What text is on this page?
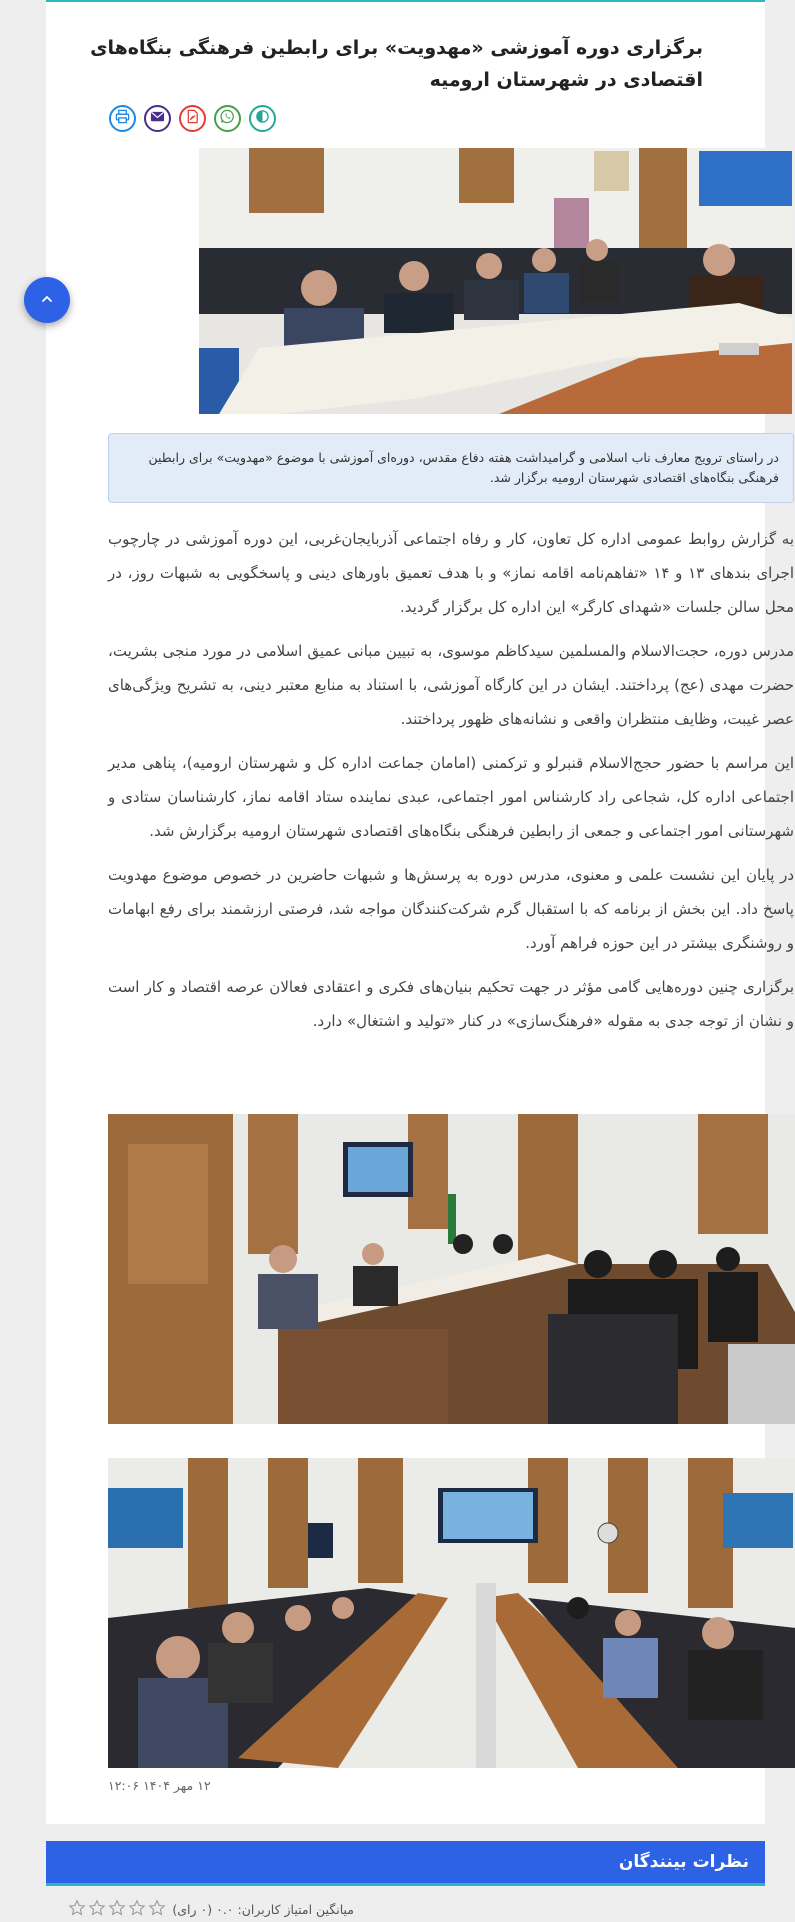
برگزاری دوره آموزشی «مهدویت» برای رابطین فرهنگی بنگاه‌های اقتصادی در شهرستان ارومیه
در راستای ترویج معارف ناب اسلامی و گرامیداشت هفته دفاع مقدس، دوره‌ای آموزشی با موضوع «مهدویت» برای رابطین فرهنگی بنگاه‌های اقتصادی شهرستان ارومیه برگزار شد.

به گزارش روابط عمومی اداره کل تعاون، کار و رفاه اجتماعی آذربایجان‌غربی، این دوره آموزشی در چارچوب اجرای بندهای ۱۳ و ۱۴ «تفاهم‌نامه اقامه نماز» و با هدف تعمیق باورهای دینی و پاسخگویی به شبهات روز، در محل سالن جلسات «شهدای کارگر» این اداره کل برگزار گردید.

مدرس دوره، حجت‌الاسلام والمسلمین سیدکاظم موسوی، به تبیین مبانی عمیق اسلامی در مورد منجی بشریت، حضرت مهدی (عج) پرداختند. ایشان در این کارگاه آموزشی، با استناد به منابع معتبر دینی، به تشریح ویژگی‌های عصر غیبت، وظایف منتظران واقعی و نشانه‌های ظهور پرداختند.

این مراسم با حضور حجج‌الاسلام قنبرلو و ترکمنی (امامان جماعت اداره کل و شهرستان ارومیه)، پناهی مدیر اجتماعی اداره کل، شجاعی راد کارشناس امور اجتماعی، عبدی نماینده ستاد اقامه نماز، کارشناسان ستادی و شهرستانی امور اجتماعی و جمعی از رابطین فرهنگی بنگاه‌های اقتصادی شهرستان ارومیه برگزارش شد.

در پایان این نشست علمی و معنوی، مدرس دوره به پرسش‌ها و شبهات حاضرین در خصوص موضوع مهدویت پاسخ داد. این بخش از برنامه که با استقبال گرم شرکت‌کنندگان مواجه شد، فرصتی ارزشمند برای رفع ابهامات و روشنگری بیشتر در این حوزه فراهم آورد.

برگزاری چنین دوره‌هایی گامی مؤثر در جهت تحکیم بنیان‌های فکری و اعتقادی فعالان عرصه اقتصاد و کار است و نشان از توجه جدی به مقوله «فرهنگ‌سازی» در کنار «تولید و اشتغال» دارد.

۱۲ مهر ۱۴۰۴ ۱۲:۰۶
نظرات بینندگان
میانگین امتیاز کاربران: ۰.۰ (۰ رای)
